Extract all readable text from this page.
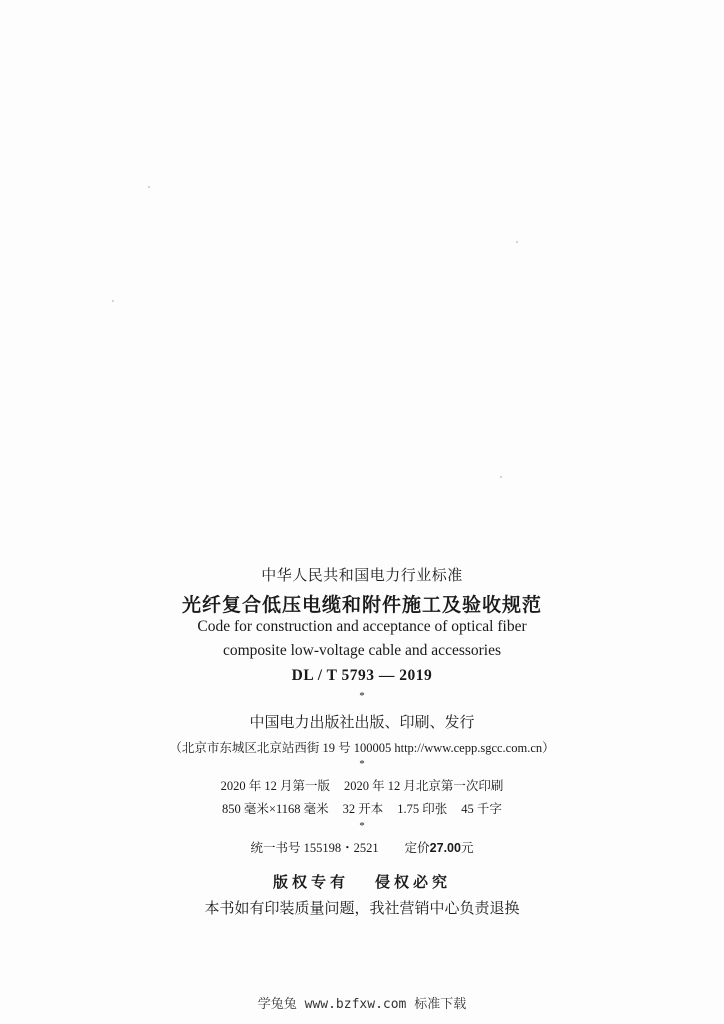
中华人民共和国电力行业标准
光纤复合低压电缆和附件施工及验收规范
Code for construction and acceptance of optical fiber
composite low-voltage cable and accessories
DL / T 5793 — 2019
*
中国电力出版社出版、印刷、发行
（北京市东城区北京站西街 19 号 100005 http://www.cepp.sgcc.com.cn）
*
2020 年 12 月第一版 2020 年 12 月北京第一次印刷
850 毫米×1168 毫米 32 开本 1.75 印张 45 千字
*
统一书号 155198・2521 定价27.00元
版权专有 侵权必究
本书如有印装质量问题，我社营销中心负责退换
学兔兔 www.bzfxw.com 标准下载
